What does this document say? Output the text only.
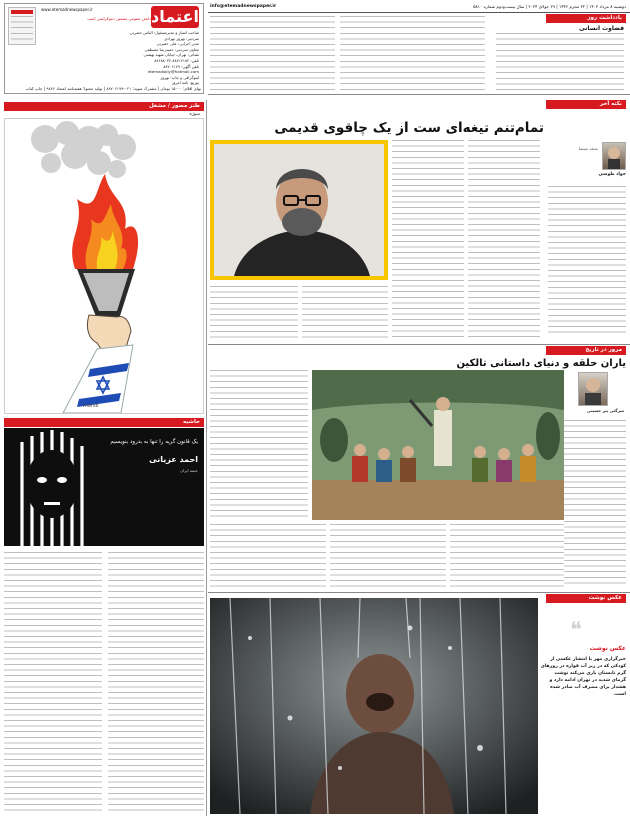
info@etemadnewspaper.ir	دوشنبه ۸ مرداد ۱۴۰۳ | ۲۲ محرم ۱۴۴۶ | ۲۹ جولای ۲۰۲۴ | سال بیست‌ودوم شماره ۵۸۱۰
اعتماد
www.etemadnewspaper.ir
دانش عمومی تضمین دموکراسی است
صاحب امتیاز و مدیرمسئول: الیاس حضرتی
سردبیر: بهروز بهزادی
مدیر اجرایی: علی حضرتی
معاون سردبیر: حمیدرضا مصطفی
نشانی: تهران، خیابان شهید بهشتی
تلفن: ۸۸۷۱۷۱۸۲-۸۸۶۸۸۰۳۲
تلفن آگهی: ۸۸۷۰۶۱۷۹
etemadlaily@hotmail.com
لیتوگرافی و چاپ: بهروز
توزیع: نامه امروز
بهای اقلام: ۱۵۰۰۰ تومان | مشترک شوید: ۰۲۱-۸۸۷۰۶۱۷۹ | تولید محتوا: هفته‌نامه اعتماد ۹۸۷۶ | چاپ کتاب
یادداشت روز
فضاوت انسانی
طنز مصور / مشغل
سوژه
mahdi
حاشیه
یک قانون گریه را تنها به بدرود بنویسیم
احمد عزیانی
خیمه ایران
نکته آخر
تمام‌تنم تیغه‌ای ست از یک چاقوی قدیمی
جواد طوسی
منتقد سینما
مرور در تاریخ
یاران حلقه و دنیای داستانی تالکین
سرگئی پیر حسینی
عکس نوشت
❝
عکس نوشت
خبرگزاری مهر با انتشار عکسی از کودکی که در زیر آب فواره در روزهای گرم تابستان بازی می‌کند نوشت گرمای شدید در تهران ادامه دارد و هشدار برای مصرف آب صادر شده است.
